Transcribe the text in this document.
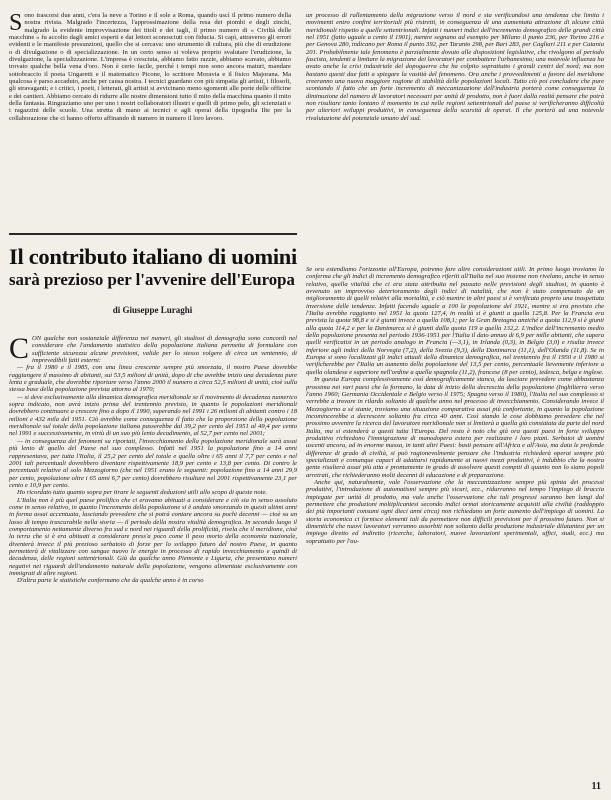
Sono trascorsi due anni, c'era la neve a Torino e il sole a Roma, quando uscì il primo numero della nostra rivista. Malgrado l'incertezza, l'approssimazione della resa dei piombi e degli zinchi, malgrado la evidente improvvisazione dei titoli e dei tagli, il primo numero di « Civiltà delle macchine » fu accolto dagli amici esperti e dai lettori sconosciuti con fiducia. Si capì, attraverso gli errori evidenti e le manifeste presunzioni, quello che si cercava: uno strumento di cultura, più che di erudizione o di divulgazione o di specializzazione. In un certo senso si voleva proprio svalutare l'erudizione, la divulgazione, la specializzazione. L'impresa è cresciuta, abbiamo fatto razzie, abbiamo scavato, abbiamo trovato qualche bella vena d'oro. Non è certo facile, perché i tempi non sono ancora maturi, mandare sottobraccio il poeta Ungaretti e il matematico Picone, lo scrittore Moravia e il fisico Majorana. Ma qualcosa è parso accaduto, anche per causa nostra. I tecnici guardano con più simpatia gli artisti, i filosofi, gli stravaganti; e i critici, i poeti, i letterati, gli artisti si avvicinano meno sgomenti alle porte delle officine e dei cantieri. Abbiamo cercato di ridurre alle nostre dimensioni tutto il mito della macchina quanto il mito della fantasia. Ringraziamo uno per uno i nostri collaboratori illustri e quelli di primo pelo, gli scienziati e i ragazzini delle scuole. Una stretta di mano ai tecnici e agli operai della tipografia Ilte per la collaborazione che ci hanno offerto affinando di numero in numero il loro lavoro.

un processo di rallentamento della migrazione verso il nord e sta verificandosi una tendenza che limita i movimenti entro confini territoriali più ristretti, in conseguenza di una aumentata attrazione di alcune città meridionali rispetto a quelle settentrionali. Infatti i numeri indici dell'incremento demografico delle grandi città nel 1951 (fatto uguale a cento il 1901), mentre segnano ad esempio per Milano il punto 236, per Torino 216 e per Genova 280, indicano per Roma il punto 392, per Taranto 298, per Bari 283, per Cagliari 211 e per Catania 201. Probabilmente tale fenomeno è parzialmente dovuto alle disposizioni legislative, che rivolgono al periodo fascista, tendenti a limitare la migrazione dei lavoratori per combattere l'urbanesimo; una notevole influenza ha avuto anche la crisi industriale del dopoguerra che ha colpito soprattutto i grandi centri del nord; ma non bastano questi due fatti a spiegare la vastità del fenomeno. Ora anche i provvedimenti a favore del meridione creeranno una nuova maggiore ragione di stabilità delle popolazioni locali. Tutto ciò poi concludere che pure scontando il fatto che un forte incremento di meccanizzazione dell'industria porterà come conseguenza la diminuzione del numero di lavoratori necessari per unità di prodotto, non è fuori dalla realtà pensare che potrà non risultare tanto lontano il momento in cui nelle regioni settentrionali del paese si verificheranno difficoltà per ulteriori sviluppi produttivi, in conseguenza della scarsità di operai. Il che porterà ad una notevole rivalutazione del potenziale umano del sud.

Il contributo italiano di uomini
sarà prezioso per l'avvenire dell'Europa
di Giuseppe Luraghi

CON qualche non sostanziale differenza nei numeri, gli studiosi di demografia sono concordi nel considerare che l'andamento statistico della popolazione italiana permetta di formulare con sufficiente sicurezza alcune previsioni, valide per lo stesso volgere di circa un ventennio, di imprevedibili fatti esterni:

— fra il 1980 e il 1985, con una linea crescente sempre più smorzata, il nostro Paese dovrebbe raggiungere il massimo di abitanti, sui 53,5 milioni di unità, dopo di che avrebbe inizio una decadenza pure lenta e graduale, che dovrebbe riportare verso l'anno 2000 il numero a circa 52,5 milioni di unità, cioè sulla stessa base della popolazione prevista attorno al 1970;

— si deve esclusivamente alla dinamica demografica meridionale se il movimento di decadenza numerico sopra indicato, non avrà inizio prima del trentennio previsto, in quanto le popolazioni meridionali dovrebbero continuare a crescere fino a dopo il 1990, superando nel 1991 i 26 milioni di abitanti contro i 18 milioni e 432 mila del 1951. Ciò avrebbe come conseguenza il fatto che la proporzione della popolazione meridionale sul totale della popolazione italiana passerebbe dal 39,2 per cento del 1951 al 49,4 per cento nel 1991 e successivamente, in virtù di un suo più lento decadimento, al 52,7 per cento nel 2001;

— in conseguenza dei fenomeni su riportati, l'invecchiamento della popolazione meridionale sarà assai più lento di quello del Paese nel suo complesso. Infatti nel 1951 la popolazione fino a 14 anni rappresentava, per tutta l'Italia, il 25,2 per cento del totale e quella oltre i 65 anni il 7,7 per cento e nel 2001 tali percentuali dovrebbero diventare rispettivamente 18,9 per cento e 13,8 per cento. Di contro le percentuali relative al solo Mezzogiorno (che nel 1951 erano le seguenti: popolazione fino a 14 anni 29,9 per cento, popolazione oltre i 65 anni 6,7 per cento) dovrebbero risultare nel 2001 rispettivamente 23,1 per cento e 10,9 per cento.

Ho ricordato tutto quanto sopra per tirare le seguenti deduzioni utili allo scopo di queste note.

L'Italia non è più quel paese prolifico che ci eravamo abituati a considerare e ciò sia in senso assoluto come in senso relativo, in quanto l'incremento della popolazione si è andato smorzando in questi ultimi anni in forma assai accentuata, lasciando prevedere che si potrà contare ancora su pochi decenni — cioè su un lasso di tempo trascurabile nella storia — il periodo della nostra vitalità demografica. In secondo luogo il comportamento nettamente diverso fra sud e nord nei riguardi della prolificità, rivela che il meridione, cioè la terra che si è era abituati a considerare press'a poco come il peso morto della economia nazionale, diventerà invece il più prezioso serbatoio di forze per lo sviluppo futuro del nostro Paese, in quanto permetterà di vitalizzare con sangue nuovo le energie in processo di rapido invecchiamento e quindi di decadenza, delle regioni settentrionali. Già da qualche anno Piemonte e Liguria, che presentano numeri negativi nei riguardi dell'andamento naturale della popolazione, vengono alimentate esclusivamente con immigrati di altre regioni.

D'altra parte le statistiche confermano che da qualche anno è in corso

Se ora estendiamo l'orizzonte all'Europa, potremo fare altre considerazioni utili. In primo luogo troviamo la conferma che gli indici di incremento demografico riferiti all'Italia nel suo insieme non rivelano, anche in senso relativo, quella vitalità che ci era stata attribuita nel passato nelle previsioni degli studiosi, in quanto è avvenuto un improvviso deterioramento degli indici di natalità, che non è stato compensato da un miglioramento di quelli relativi alla mortalità, e ciò mentre in altri paesi si è verificata proprio una inaspettata inversione delle tendenze. Infatti facendo uguale a 100 la popolazione del 1921, mentre si era previsto che l'Italia avrebbe raggiunto nel 1951 la quota 127,4, in realtà si è giunti a quella 125,8. Per la Francia era prevista la quota 98,8 e si è giunti invece a quella 108,1; per la Gran Bretagna anziché a quota 112,9 si è giunti alla quota 114,2 e per la Danimarca si è giunti dalla quota 119 a quella 132,2. L'indice dell'incremento medio della popolazione presenta nel periodo 1936-1951 per l'Italia il dato annuo di 6,9 per mille abitanti, che supera quelli verificatisi in un periodo analogo in Francia (—3,1), in Irlanda (0,3), in Belgio (3,0) e risulta invece inferiore agli indici della Norvegia (7,2), della Svezia (9,3), della Danimarca (11,1), dell'Olanda (11,8). Se in Europa si sono localizzati gli indici attuali della dinamica demografica, nel trentennio fra il 1950 e il 1980 si verificherebbe per l'Italia un aumento della popolazione del 13,5 per cento, percentuale lievemente inferiore a quella olandese e superiore nell'ordine a quella spagnola (11,2), francese (8 per cento), tedesca, belga e inglese.

In questa Europa complessivamente così demograficamente stanca, da lasciare prevedere come abbastanza prossima nei vari paesi che la formano, la data di inizio della decrescita della popolazione (Inghilterra verso l'anno 1960; Germania Occidentale e Belgio verso il 1975; Spagna verso il 1980), l'Italia nel suo complesso si verrebbe a trovare in rilardo soltanto di qualche anno nel processo di invecchiamento. Considerando invece il Mezzogiorno a sé stante, troviamo una situazione comparativa assai più confortante, in quanto la popolazione incomincerebbe a decrescere soltanto fra circa 40 anni. Così stando le cose dobbiamo prevedere che nel prossimo avvenire la ricerca del lavoratore meridionale non si limiterà a quella già constatata da parte del nord Italia, ma si estenderà a questi tutta l'Europa. Del resto è noto che già ora questi paesi in forte sviluppo produttivo richiedono l'immigrazione di manodopera estera per realizzare i loro piani. Serbatoi di uomini uscenti ancora, ad in enorme massa, in tanti altri Paesi: basti pensare all'Africa e all'Asia, ma data le profonde differenze di grado di civiltà, si può ragionevolmente pensare che l'industria richiederà operai sempre più specializzati e comunque capaci di adattarsi rapidamente ai nuovi mezzi produttivi, è indubbio che la nostra gente risulterà assai più atta e prontamente in grado di assolvere questi compiti di quanto non lo siano popoli arretrati, che richiederanno molti decenni di educazione e di preparazione.

Anche qui, naturalmente, vale l'osservazione che la meccanizzazione sempre più spinta dei processi produttivi, l'introduzione di automatismi sempre più sicuri, ecc., ridurranno nel tempo l'impiego di braccia impiegate per unità di prodotto, ma vale anche l'osservazione che tali progressi saranno ben lungi dal permettere che produzioni moltiplicantesi secondo indici ormai storicamente acquisiti alla civiltà (raddoppio dei più importanti consumi ogni dieci anni circa) non richiedano un forte aumento dell'impiego di uomini. La storia economica ci fornisce elementi tali da permettere non difficili previsioni per il prossimo futuro. Non si dimentichi che nuovi lavoratori verranno assorbiti non soltanto dalla produzione industriale dilatantesi per un impiego diretto ed indiretto (ricerche, laboratori, nuove lavorazioni sperimentali, uffici, studi, ecc.) ma soprattutto per l'au-

11
